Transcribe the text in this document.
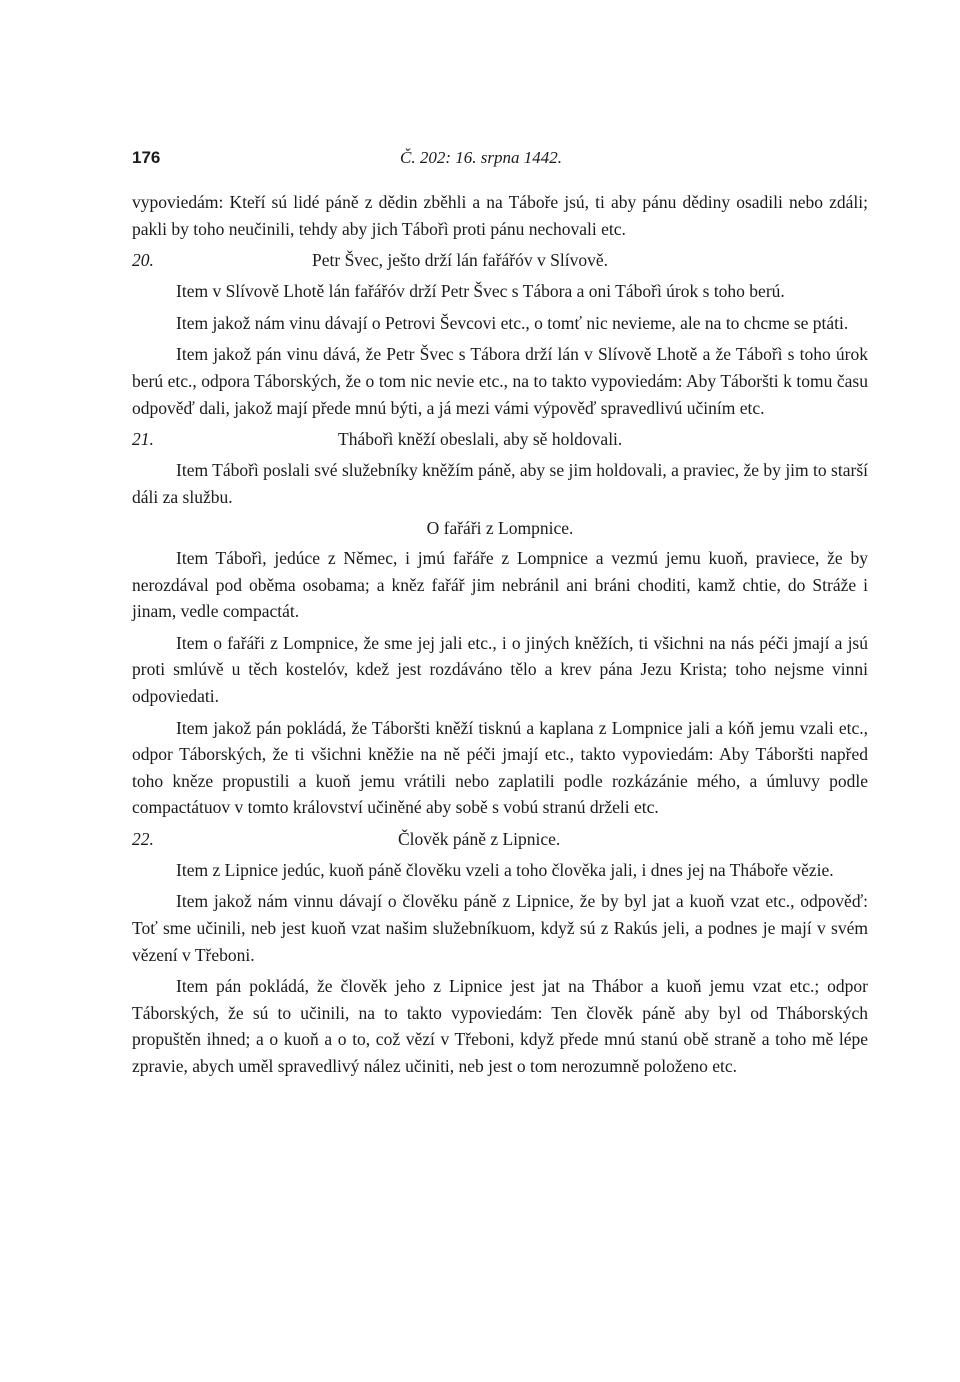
176	Č. 202: 16. srpna 1442.

vypoviedám: Kteří sú lidé páně z dědin zběhli a na Táboře jsú, ti aby pánu dědiny osadili nebo zdáli; pakli by toho neučinili, tehdy aby jich Tábořì proti pánu nechovali etc.

20.	Petr Švec, ješto drží lán fařářóv v Slívově.

Item v Slívově Lhotě lán fařářóv drží Petr Švec s Tábora a oni Tábořì úrok s toho berú.

Item jakož nám vinu dávají o Petrovi Ševcovi etc., o tomť nic nevieme, ale na to chcme se ptáti.

Item jakož pán vinu dává, že Petr Švec s Tábora drží lán v Slívově Lhotě a že Tábořì s toho úrok berú etc., odpora Táborských, že o tom nic nevie etc., na to takto vypoviedám: Aby Táboršti k tomu času odpověď dali, jakož mají přede mnú býti, a já mezi vámi výpověď spravedlivú učiním etc.

21.	Thábořì kněží obeslali, aby sě holdovali.

Item Tábořì poslali své služebníky kněžím páně, aby se jim holdovali, a praviec, že by jim to starší dáli za službu.

O fařáři z Lompnice.

Item Tábořì, jedúce z Němec, i jmú fařáře z Lompnice a vezmú jemu kuoň, praviece, že by nerozdával pod oběma osobama; a kněz fařář jim nebránil ani bráni choditi, kamž chtie, do Stráže i jinam, vedle compactát.

Item o fařáři z Lompnice, že sme jej jali etc., i o jiných kněžích, ti všichni na nás péči jmají a jsú proti smlúvě u těch kostelóv, kdež jest rozdáváno tělo a krev pána Jezu Krista; toho nejsme vinni odpoviedati.

Item jakož pán pokládá, že Táboršti kněží tisknú a kaplana z Lompnice jali a kóň jemu vzali etc., odpor Táborských, že ti všichni kněžie na ně péči jmají etc., takto vypoviedám: Aby Táboršti napřed toho kněze propustili a kuoň jemu vrátili nebo zaplatili podle rozkázánie mého, a úmluvy podle compactátuov v tomto království učiněné aby sobě s vobú stranú drželi etc.

22.	Člověk páně z Lipnice.

Item z Lipnice jedúc, kuoň páně člověku vzeli a toho člověka jali, i dnes jej na Tháboře vězie.

Item jakož nám vinnu dávají o člověku páně z Lipnice, že by byl jat a kuoň vzat etc., odpověď: Toť sme učinili, neb jest kuoň vzat našim služebníkuom, když sú z Rakús jeli, a podnes je mají v svém vězení v Třeboni.

Item pán pokládá, že člověk jeho z Lipnice jest jat na Thábor a kuoň jemu vzat etc.; odpor Táborských, že sú to učinili, na to takto vypoviedám: Ten člověk páně aby byl od Tháborských propuštěn ihned; a o kuoň a o to, což vězí v Třeboni, když přede mnú stanú obě straně a toho mě lépe zpravie, abych uměl spravedlivý nález učiniti, neb jest o tom nerozumně položeno etc.
